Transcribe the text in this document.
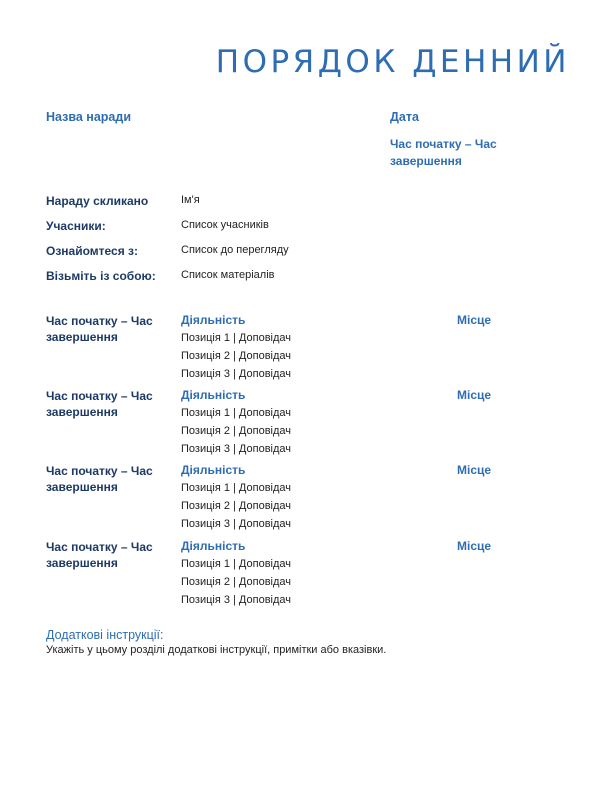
ПОРЯДОК ДЕННИЙ
Назва наради	Дата
Час початку – Час завершення
Нараду скликано	Ім'я
Учасники:	Список учасників
Ознайомтеся з:	Список до перегляду
Візьміть із собою: Список матеріалів
Час початку – Час завершення
Діяльність	Місце
Позиція 1 | Доповідач
Позиція 2 | Доповідач
Позиція 3 | Доповідач
Час початку – Час завершення
Діяльність	Місце
Позиція 1 | Доповідач
Позиція 2 | Доповідач
Позиція 3 | Доповідач
Час початку – Час завершення
Діяльність	Місце
Позиція 1 | Доповідач
Позиція 2 | Доповідач
Позиція 3 | Доповідач
Час початку – Час завершення
Діяльність	Місце
Позиція 1 | Доповідач
Позиція 2 | Доповідач
Позиція 3 | Доповідач
Додаткові інструкції:
Укажіть у цьому розділі додаткові інструкції, примітки або вказівки.
